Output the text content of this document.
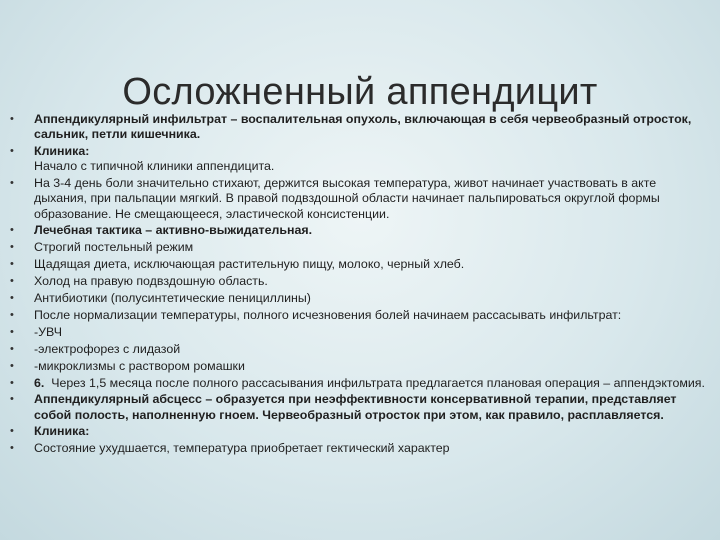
Осложненный аппендицит
• Аппендикулярный инфильтрат – воспалительная опухоль, включающая в себя червеобразный отросток, сальник, петли кишечника.
• Клиника:
Начало с типичной клиники аппендицита.
• На 3-4 день боли значительно стихают, держится высокая температура, живот начинает участвовать в акте дыхания, при пальпации мягкий. В правой подвздошной области начинает пальпироваться округлой формы образование. Не смещающееся, эластической консистенции.
• Лечебная тактика – активно-выжидательная.
• Строгий постельный режим
• Щадящая диета, исключающая растительную пищу, молоко, черный хлеб.
• Холод на правую подвздошную область.
• Антибиотики (полусинтетические пенициллины)
• После нормализации температуры, полного исчезновения болей начинаем рассасывать инфильтрат:
• -УВЧ
• -электрофорез с лидазой
• -микроклизмы с раствором ромашки
• 6.  Через 1,5 месяца после полного рассасывания инфильтрата предлагается плановая операция – аппендэктомия.
• Аппендикулярный абсцесс – образуется при неэффективности консервативной терапии, представляет собой полость, наполненную гноем. Червеобразный отросток при этом, как правило, расплавляется.
• Клиника:
• Состояние ухудшается, температура приобретает гектический характер
